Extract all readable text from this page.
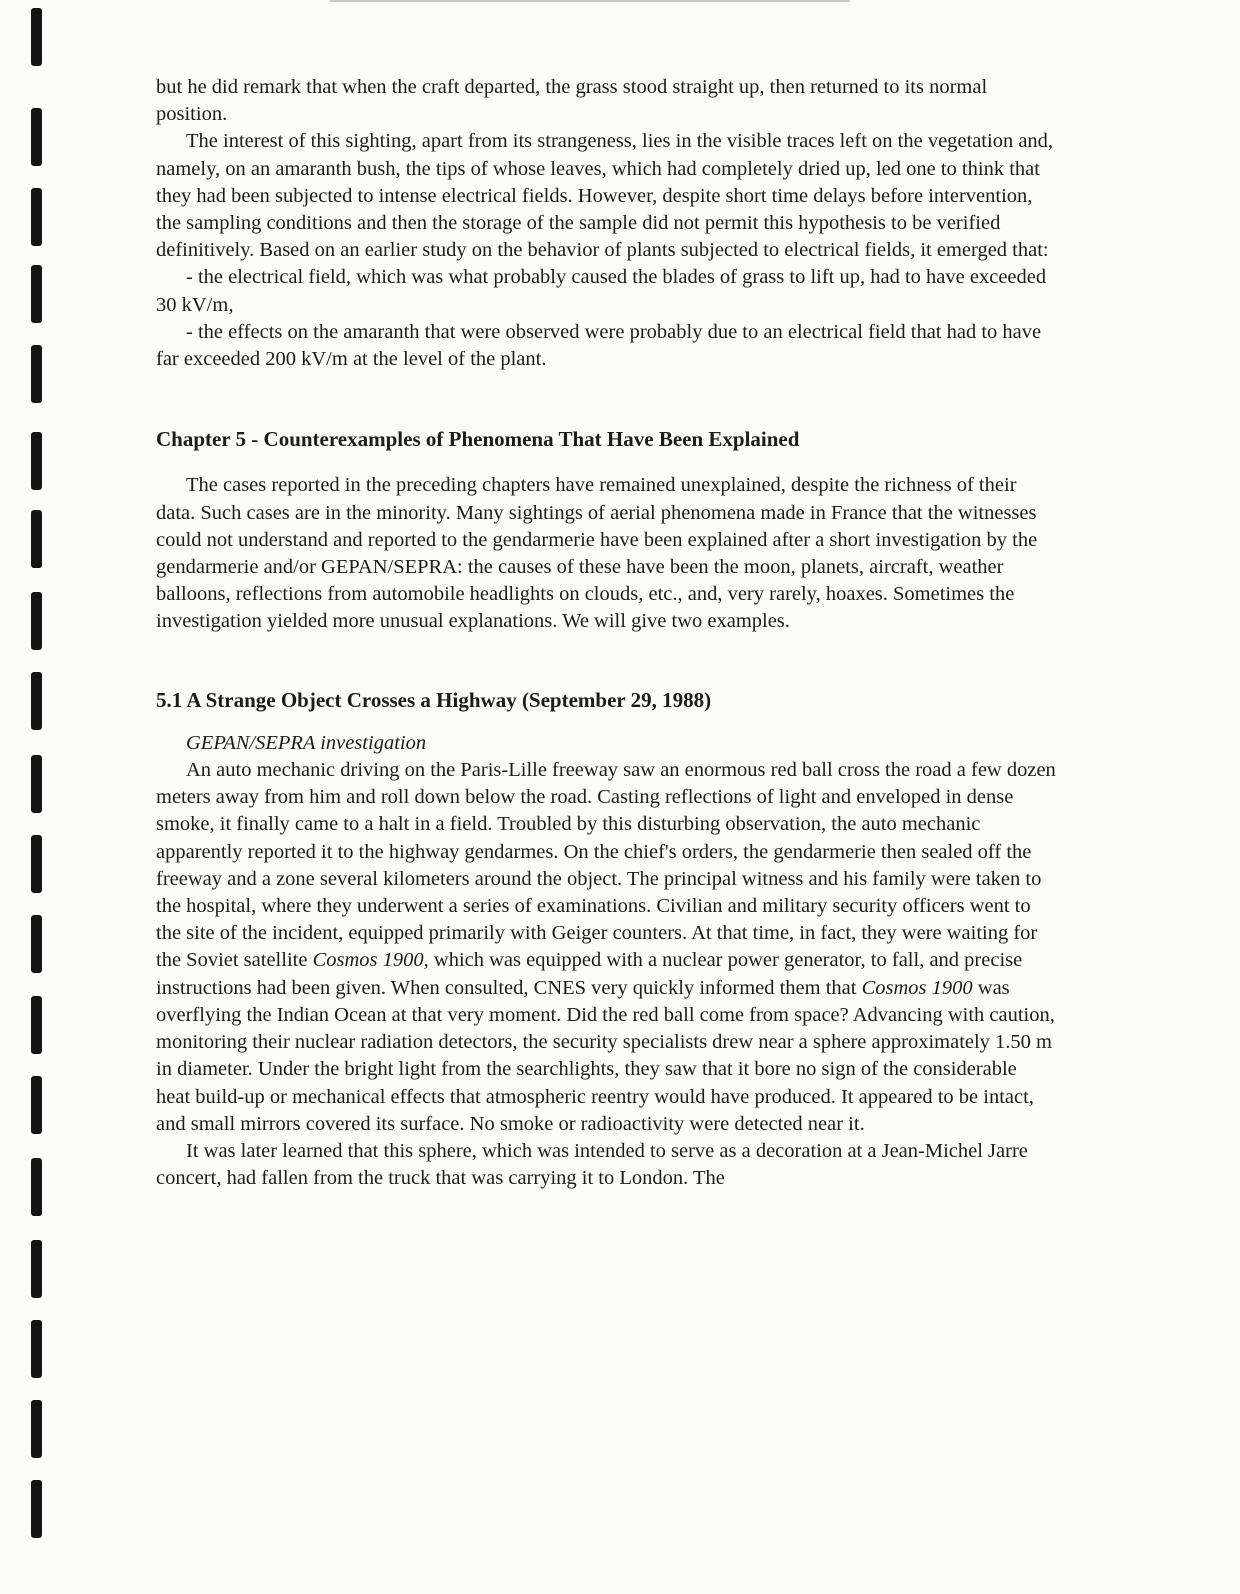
but he did remark that when the craft departed, the grass stood straight up, then returned to its normal position.

The interest of this sighting, apart from its strangeness, lies in the visible traces left on the vegetation and, namely, on an amaranth bush, the tips of whose leaves, which had completely dried up, led one to think that they had been subjected to intense electrical fields. However, despite short time delays before intervention, the sampling conditions and then the storage of the sample did not permit this hypothesis to be verified definitively. Based on an earlier study on the behavior of plants subjected to electrical fields, it emerged that:

- the electrical field, which was what probably caused the blades of grass to lift up, had to have exceeded 30 kV/m,

- the effects on the amaranth that were observed were probably due to an electrical field that had to have far exceeded 200 kV/m at the level of the plant.

Chapter 5 - Counterexamples of Phenomena That Have Been Explained

The cases reported in the preceding chapters have remained unexplained, despite the richness of their data. Such cases are in the minority. Many sightings of aerial phenomena made in France that the witnesses could not understand and reported to the gendarmerie have been explained after a short investigation by the gendarmerie and/or GEPAN/SEPRA: the causes of these have been the moon, planets, aircraft, weather balloons, reflections from automobile headlights on clouds, etc., and, very rarely, hoaxes. Sometimes the investigation yielded more unusual explanations. We will give two examples.

5.1 A Strange Object Crosses a Highway (September 29, 1988)

GEPAN/SEPRA investigation

An auto mechanic driving on the Paris-Lille freeway saw an enormous red ball cross the road a few dozen meters away from him and roll down below the road. Casting reflections of light and enveloped in dense smoke, it finally came to a halt in a field. Troubled by this disturbing observation, the auto mechanic apparently reported it to the highway gendarmes. On the chief's orders, the gendarmerie then sealed off the freeway and a zone several kilometers around the object. The principal witness and his family were taken to the hospital, where they underwent a series of examinations. Civilian and military security officers went to the site of the incident, equipped primarily with Geiger counters. At that time, in fact, they were waiting for the Soviet satellite Cosmos 1900, which was equipped with a nuclear power generator, to fall, and precise instructions had been given. When consulted, CNES very quickly informed them that Cosmos 1900 was overflying the Indian Ocean at that very moment. Did the red ball come from space? Advancing with caution, monitoring their nuclear radiation detectors, the security specialists drew near a sphere approximately 1.50 m in diameter. Under the bright light from the searchlights, they saw that it bore no sign of the considerable heat build-up or mechanical effects that atmospheric reentry would have produced. It appeared to be intact, and small mirrors covered its surface. No smoke or radioactivity were detected near it.

It was later learned that this sphere, which was intended to serve as a decoration at a Jean-Michel Jarre concert, had fallen from the truck that was carrying it to London. The
